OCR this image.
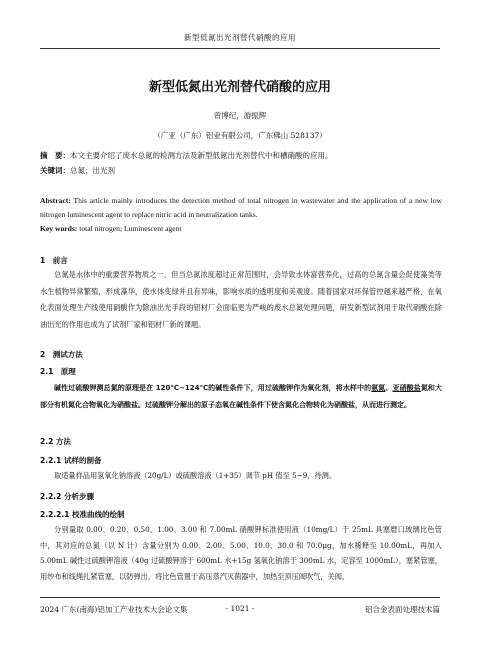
新型低氮出光剂替代硝酸的应用
新型低氮出光剂替代硝酸的应用
曾博纪，游振辉
（广亚（广东）铝业有限公司，广东佛山 528137）
摘　要：本文主要介绍了废水总氮的检测方法及新型低氮出光剂替代中和槽硝酸的应用。
关键词：总氮；出光剂
Abstract: This article mainly introduces the detection method of total nitrogen in wastewater and the application of a new low nitrogen luminescent agent to replace nitric acid in neutralization tanks.
Key words: total nitrogen; Luminescent agent
1　前言
总氮是水体中的重要营养物质之一，但当总氮浓度超过正常范围时，会导致水体富营养化，过高的总氮含量会促使藻类等水生植物异常繁殖，形成藻华，使水体变绿并且有异味，影响水质的透明度和美观度。随着国家对环保管控越来越严格，在氧化表面处理生产线使用硝酸作为除油出光手段的铝材厂会面临更为严峻的废水总氮处理问题，研发新型试剂用于取代硝酸在除油出光的作用也成为了试剂厂家和铝材厂新的课题。
2　测试方法
2.1　原理
碱性过硫酸钾测总氮的原理是在 120℃~124℃的碱性条件下，用过硫酸钾作为氧化剂，将水样中的氨氮、亚硝酸盐氮和大部分有机氮化合物氧化为硝酸盐。过硫酸钾分解出的原子态氧在碱性条件下使含氮化合物转化为硝酸盐，从而进行测定。
2.2 方法
2.2.1 试样的制备
取适量样品用氢氧化钠溶液（20g/L）或硫酸溶液（1+35）调节 pH 值至 5~9，待测。
2.2.2 分析步骤
2.2.2.1 校准曲线的绘制
分别量取 0.00、0.20、0.50、1.00、3.00 和 7.00mL 硝酸钾标准使用液（10mg/L）于 25mL 具塞磨口玻璃比色管中，其对应的总氮（以 N 计）含量分别为 0.00、2.00、5.00、10.0、30.0 和 70.0μg，加水稀释至 10.00mL，再加入 5.00mL 碱性过硫酸钾溶液（40g 过硫酸钾溶于 600mL 水+15g 氢氧化钠溶于 300mL 水，定容至 1000mL），塞紧管塞，用纱布和线绳扎紧管塞，以防弹出，将比色管置于高压蒸汽灭菌器中，加热至顶压阀吹气，关阀，
2024 广东(南海)铝加工产业技术大会论文集	- 1021 -	铝合金表面处理技术篇
